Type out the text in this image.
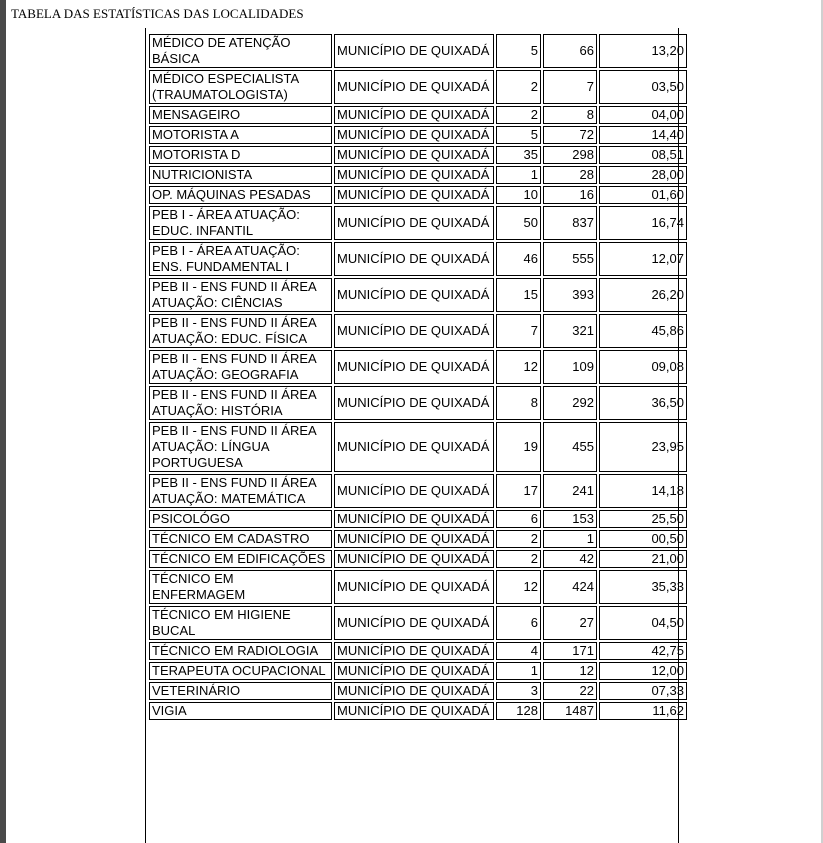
TABELA DAS ESTATÍSTICAS DAS LOCALIDADES
MÉDICO DE ATENÇÃO BÁSICA	MUNICÍPIO DE QUIXADÁ	5	66	13,20
MÉDICO ESPECIALISTA (TRAUMATOLOGISTA)	MUNICÍPIO DE QUIXADÁ	2	7	03,50
MENSAGEIRO	MUNICÍPIO DE QUIXADÁ	2	8	04,00
MOTORISTA A	MUNICÍPIO DE QUIXADÁ	5	72	14,40
MOTORISTA D	MUNICÍPIO DE QUIXADÁ	35	298	08,51
NUTRICIONISTA	MUNICÍPIO DE QUIXADÁ	1	28	28,00
OP. MÁQUINAS PESADAS	MUNICÍPIO DE QUIXADÁ	10	16	01,60
PEB I - ÁREA ATUAÇÃO: EDUC. INFANTIL	MUNICÍPIO DE QUIXADÁ	50	837	16,74
PEB I - ÁREA ATUAÇÃO: ENS. FUNDAMENTAL I	MUNICÍPIO DE QUIXADÁ	46	555	12,07
PEB II - ENS FUND II ÁREA ATUAÇÃO: CIÊNCIAS	MUNICÍPIO DE QUIXADÁ	15	393	26,20
PEB II - ENS FUND II ÁREA ATUAÇÃO: EDUC. FÍSICA	MUNICÍPIO DE QUIXADÁ	7	321	45,86
PEB II - ENS FUND II ÁREA ATUAÇÃO: GEOGRAFIA	MUNICÍPIO DE QUIXADÁ	12	109	09,08
PEB II - ENS FUND II ÁREA ATUAÇÃO: HISTÓRIA	MUNICÍPIO DE QUIXADÁ	8	292	36,50
PEB II - ENS FUND II ÁREA ATUAÇÃO: LÍNGUA PORTUGUESA	MUNICÍPIO DE QUIXADÁ	19	455	23,95
PEB II - ENS FUND II ÁREA ATUAÇÃO: MATEMÁTICA	MUNICÍPIO DE QUIXADÁ	17	241	14,18
PSICOLÓGO	MUNICÍPIO DE QUIXADÁ	6	153	25,50
TÉCNICO EM CADASTRO	MUNICÍPIO DE QUIXADÁ	2	1	00,50
TÉCNICO EM EDIFICAÇÕES	MUNICÍPIO DE QUIXADÁ	2	42	21,00
TÉCNICO EM ENFERMAGEM	MUNICÍPIO DE QUIXADÁ	12	424	35,33
TÉCNICO EM HIGIENE BUCAL	MUNICÍPIO DE QUIXADÁ	6	27	04,50
TÉCNICO EM RADIOLOGIA	MUNICÍPIO DE QUIXADÁ	4	171	42,75
TERAPEUTA OCUPACIONAL	MUNICÍPIO DE QUIXADÁ	1	12	12,00
VETERINÁRIO	MUNICÍPIO DE QUIXADÁ	3	22	07,33
VIGIA	MUNICÍPIO DE QUIXADÁ	128	1487	11,62
